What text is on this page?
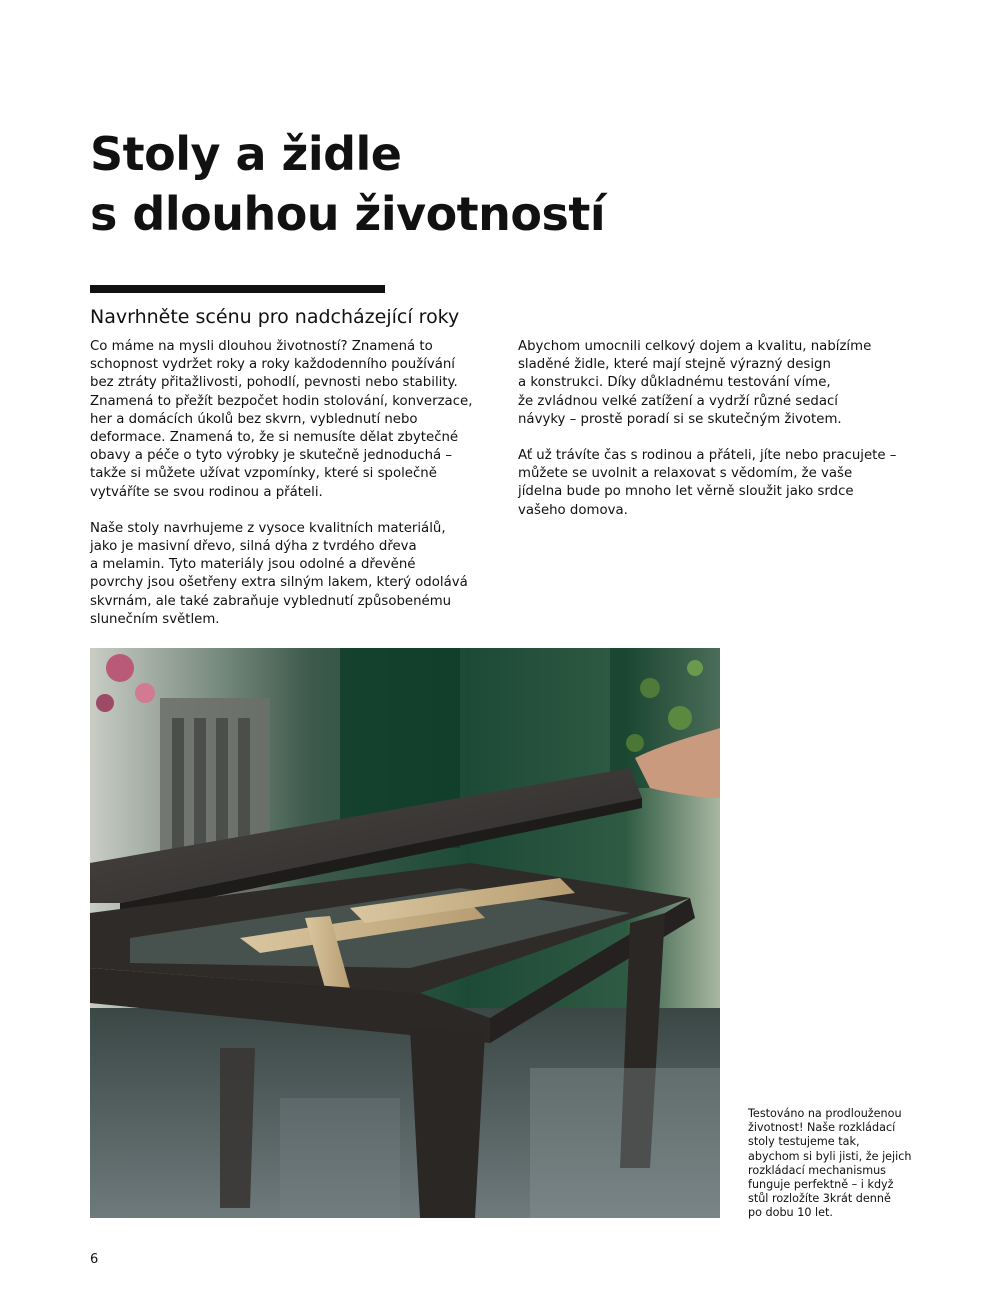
Stoly a židle
s dlouhou životností
Navrhněte scénu pro nadcházející roky

Co máme na mysli dlouhou životností? Znamená to
schopnost vydržet roky a roky každodenního používání
bez ztráty přitažlivosti, pohodlí, pevnosti nebo stability.
Znamená to přežít bezpočet hodin stolování, konverzace,
her a domácích úkolů bez skvrn, vyblednutí nebo
deformace. Znamená to, že si nemusíte dělat zbytečné
obavy a péče o tyto výrobky je skutečně jednoduchá –
takže si můžete užívat vzpomínky, které si společně
vytváříte se svou rodinou a přáteli.

Naše stoly navrhujeme z vysoce kvalitních materiálů,
jako je masivní dřevo, silná dýha z tvrdého dřeva
a melamin. Tyto materiály jsou odolné a dřevěné
povrchy jsou ošetřeny extra silným lakem, který odolává
skvrnám, ale také zabraňuje vyblednutí způsobenému
slunečním světlem.

Abychom umocnili celkový dojem a kvalitu, nabízíme
sladěné židle, které mají stejně výrazný design
a konstrukci. Díky důkladnému testování víme,
že zvládnou velké zatížení a vydrží různé sedací
návyky – prostě poradí si se skutečným životem.

Ať už trávíte čas s rodinou a přáteli, jíte nebo pracujete –
můžete se uvolnit a relaxovat s vědomím, že vaše
jídelna bude po mnoho let věrně sloužit jako srdce
vašeho domova.

Testováno na prodlouženou
životnost! Naše rozkládací
stoly testujeme tak,
abychom si byli jisti, že jejich
rozkládací mechanismus
funguje perfektně – i když
stůl rozložíte 3krát denně
po dobu 10 let.
6
